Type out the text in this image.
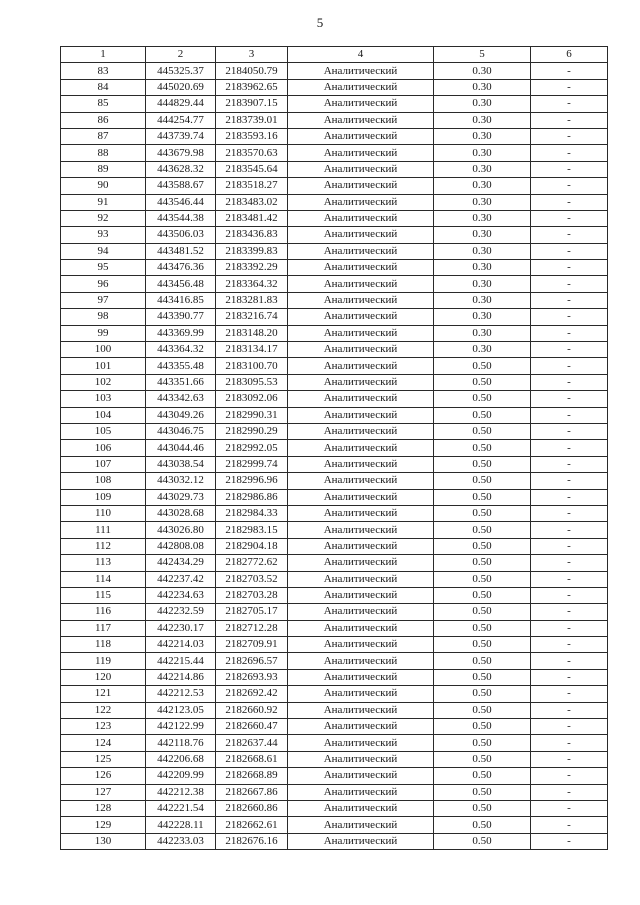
5
1	2	3	4	5	6
83	445325.37	2184050.79	Аналитический	0.30	-
84	445020.69	2183962.65	Аналитический	0.30	-
85	444829.44	2183907.15	Аналитический	0.30	-
86	444254.77	2183739.01	Аналитический	0.30	-
87	443739.74	2183593.16	Аналитический	0.30	-
88	443679.98	2183570.63	Аналитический	0.30	-
89	443628.32	2183545.64	Аналитический	0.30	-
90	443588.67	2183518.27	Аналитический	0.30	-
91	443546.44	2183483.02	Аналитический	0.30	-
92	443544.38	2183481.42	Аналитический	0.30	-
93	443506.03	2183436.83	Аналитический	0.30	-
94	443481.52	2183399.83	Аналитический	0.30	-
95	443476.36	2183392.29	Аналитический	0.30	-
96	443456.48	2183364.32	Аналитический	0.30	-
97	443416.85	2183281.83	Аналитический	0.30	-
98	443390.77	2183216.74	Аналитический	0.30	-
99	443369.99	2183148.20	Аналитический	0.30	-
100	443364.32	2183134.17	Аналитический	0.30	-
101	443355.48	2183100.70	Аналитический	0.50	-
102	443351.66	2183095.53	Аналитический	0.50	-
103	443342.63	2183092.06	Аналитический	0.50	-
104	443049.26	2182990.31	Аналитический	0.50	-
105	443046.75	2182990.29	Аналитический	0.50	-
106	443044.46	2182992.05	Аналитический	0.50	-
107	443038.54	2182999.74	Аналитический	0.50	-
108	443032.12	2182996.96	Аналитический	0.50	-
109	443029.73	2182986.86	Аналитический	0.50	-
110	443028.68	2182984.33	Аналитический	0.50	-
111	443026.80	2182983.15	Аналитический	0.50	-
112	442808.08	2182904.18	Аналитический	0.50	-
113	442434.29	2182772.62	Аналитический	0.50	-
114	442237.42	2182703.52	Аналитический	0.50	-
115	442234.63	2182703.28	Аналитический	0.50	-
116	442232.59	2182705.17	Аналитический	0.50	-
117	442230.17	2182712.28	Аналитический	0.50	-
118	442214.03	2182709.91	Аналитический	0.50	-
119	442215.44	2182696.57	Аналитический	0.50	-
120	442214.86	2182693.93	Аналитический	0.50	-
121	442212.53	2182692.42	Аналитический	0.50	-
122	442123.05	2182660.92	Аналитический	0.50	-
123	442122.99	2182660.47	Аналитический	0.50	-
124	442118.76	2182637.44	Аналитический	0.50	-
125	442206.68	2182668.61	Аналитический	0.50	-
126	442209.99	2182668.89	Аналитический	0.50	-
127	442212.38	2182667.86	Аналитический	0.50	-
128	442221.54	2182660.86	Аналитический	0.50	-
129	442228.11	2182662.61	Аналитический	0.50	-
130	442233.03	2182676.16	Аналитический	0.50	-
